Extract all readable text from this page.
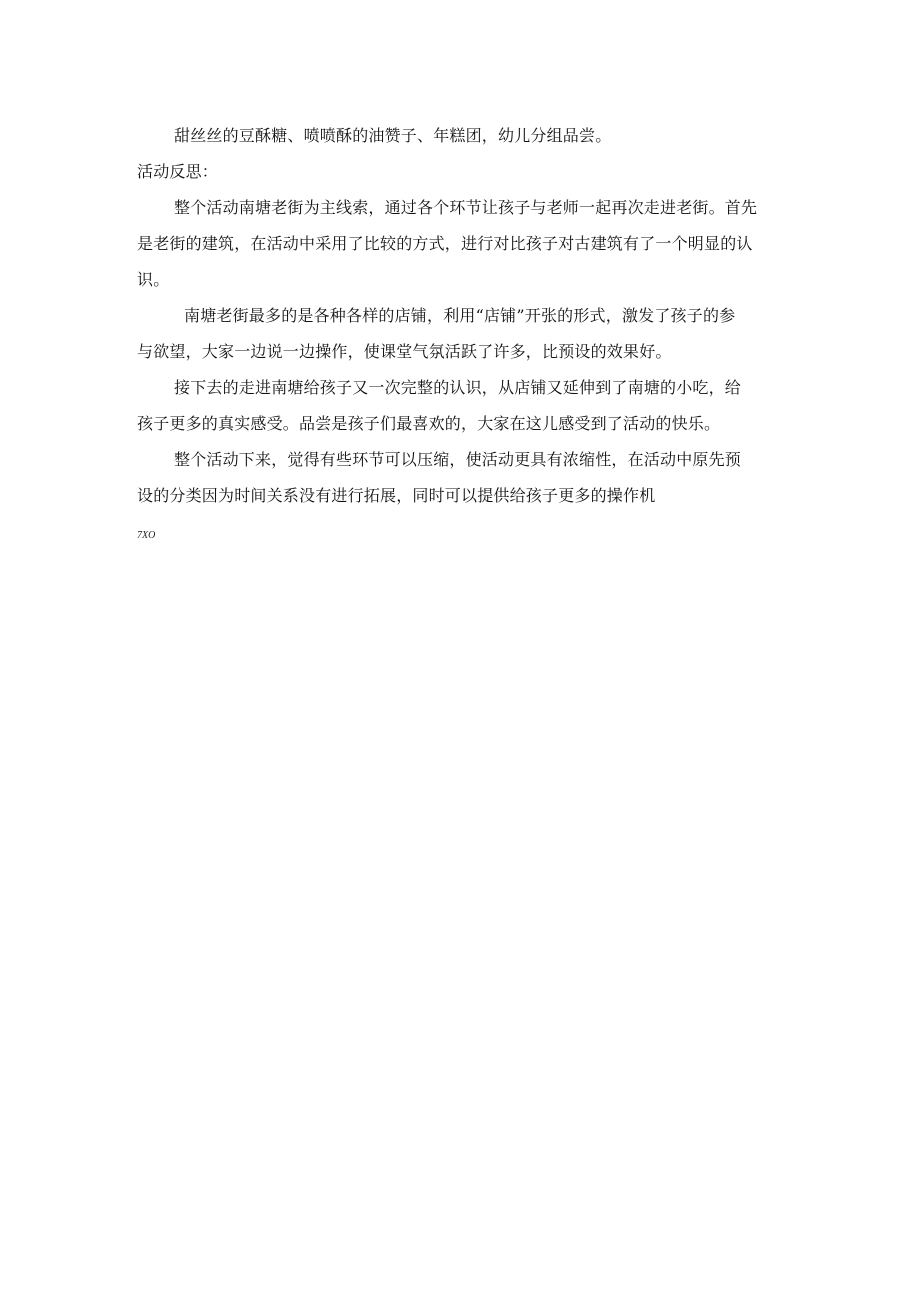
甜丝丝的豆酥糖、喷喷酥的油赞子、年糕团，幼儿分组品尝。
活动反思：
整个活动南塘老街为主线索，通过各个环节让孩子与老师一起再次走进老街。首先
是老街的建筑，在活动中采用了比较的方式，进行对比孩子对古建筑有了一个明显的认
识。
南塘老街最多的是各种各样的店铺，利用“店铺”开张的形式，激发了孩子的参
与欲望，大家一边说一边操作，使课堂气氛活跃了许多，比预设的效果好。
接下去的走进南塘给孩子又一次完整的认识，从店铺又延伸到了南塘的小吃，给
孩子更多的真实感受。品尝是孩子们最喜欢的，大家在这儿感受到了活动的快乐。
整个活动下来，觉得有些环节可以压缩，使活动更具有浓缩性，在活动中原先预
设的分类因为时间关系没有进行拓展，同时可以提供给孩子更多的操作机
7XO
